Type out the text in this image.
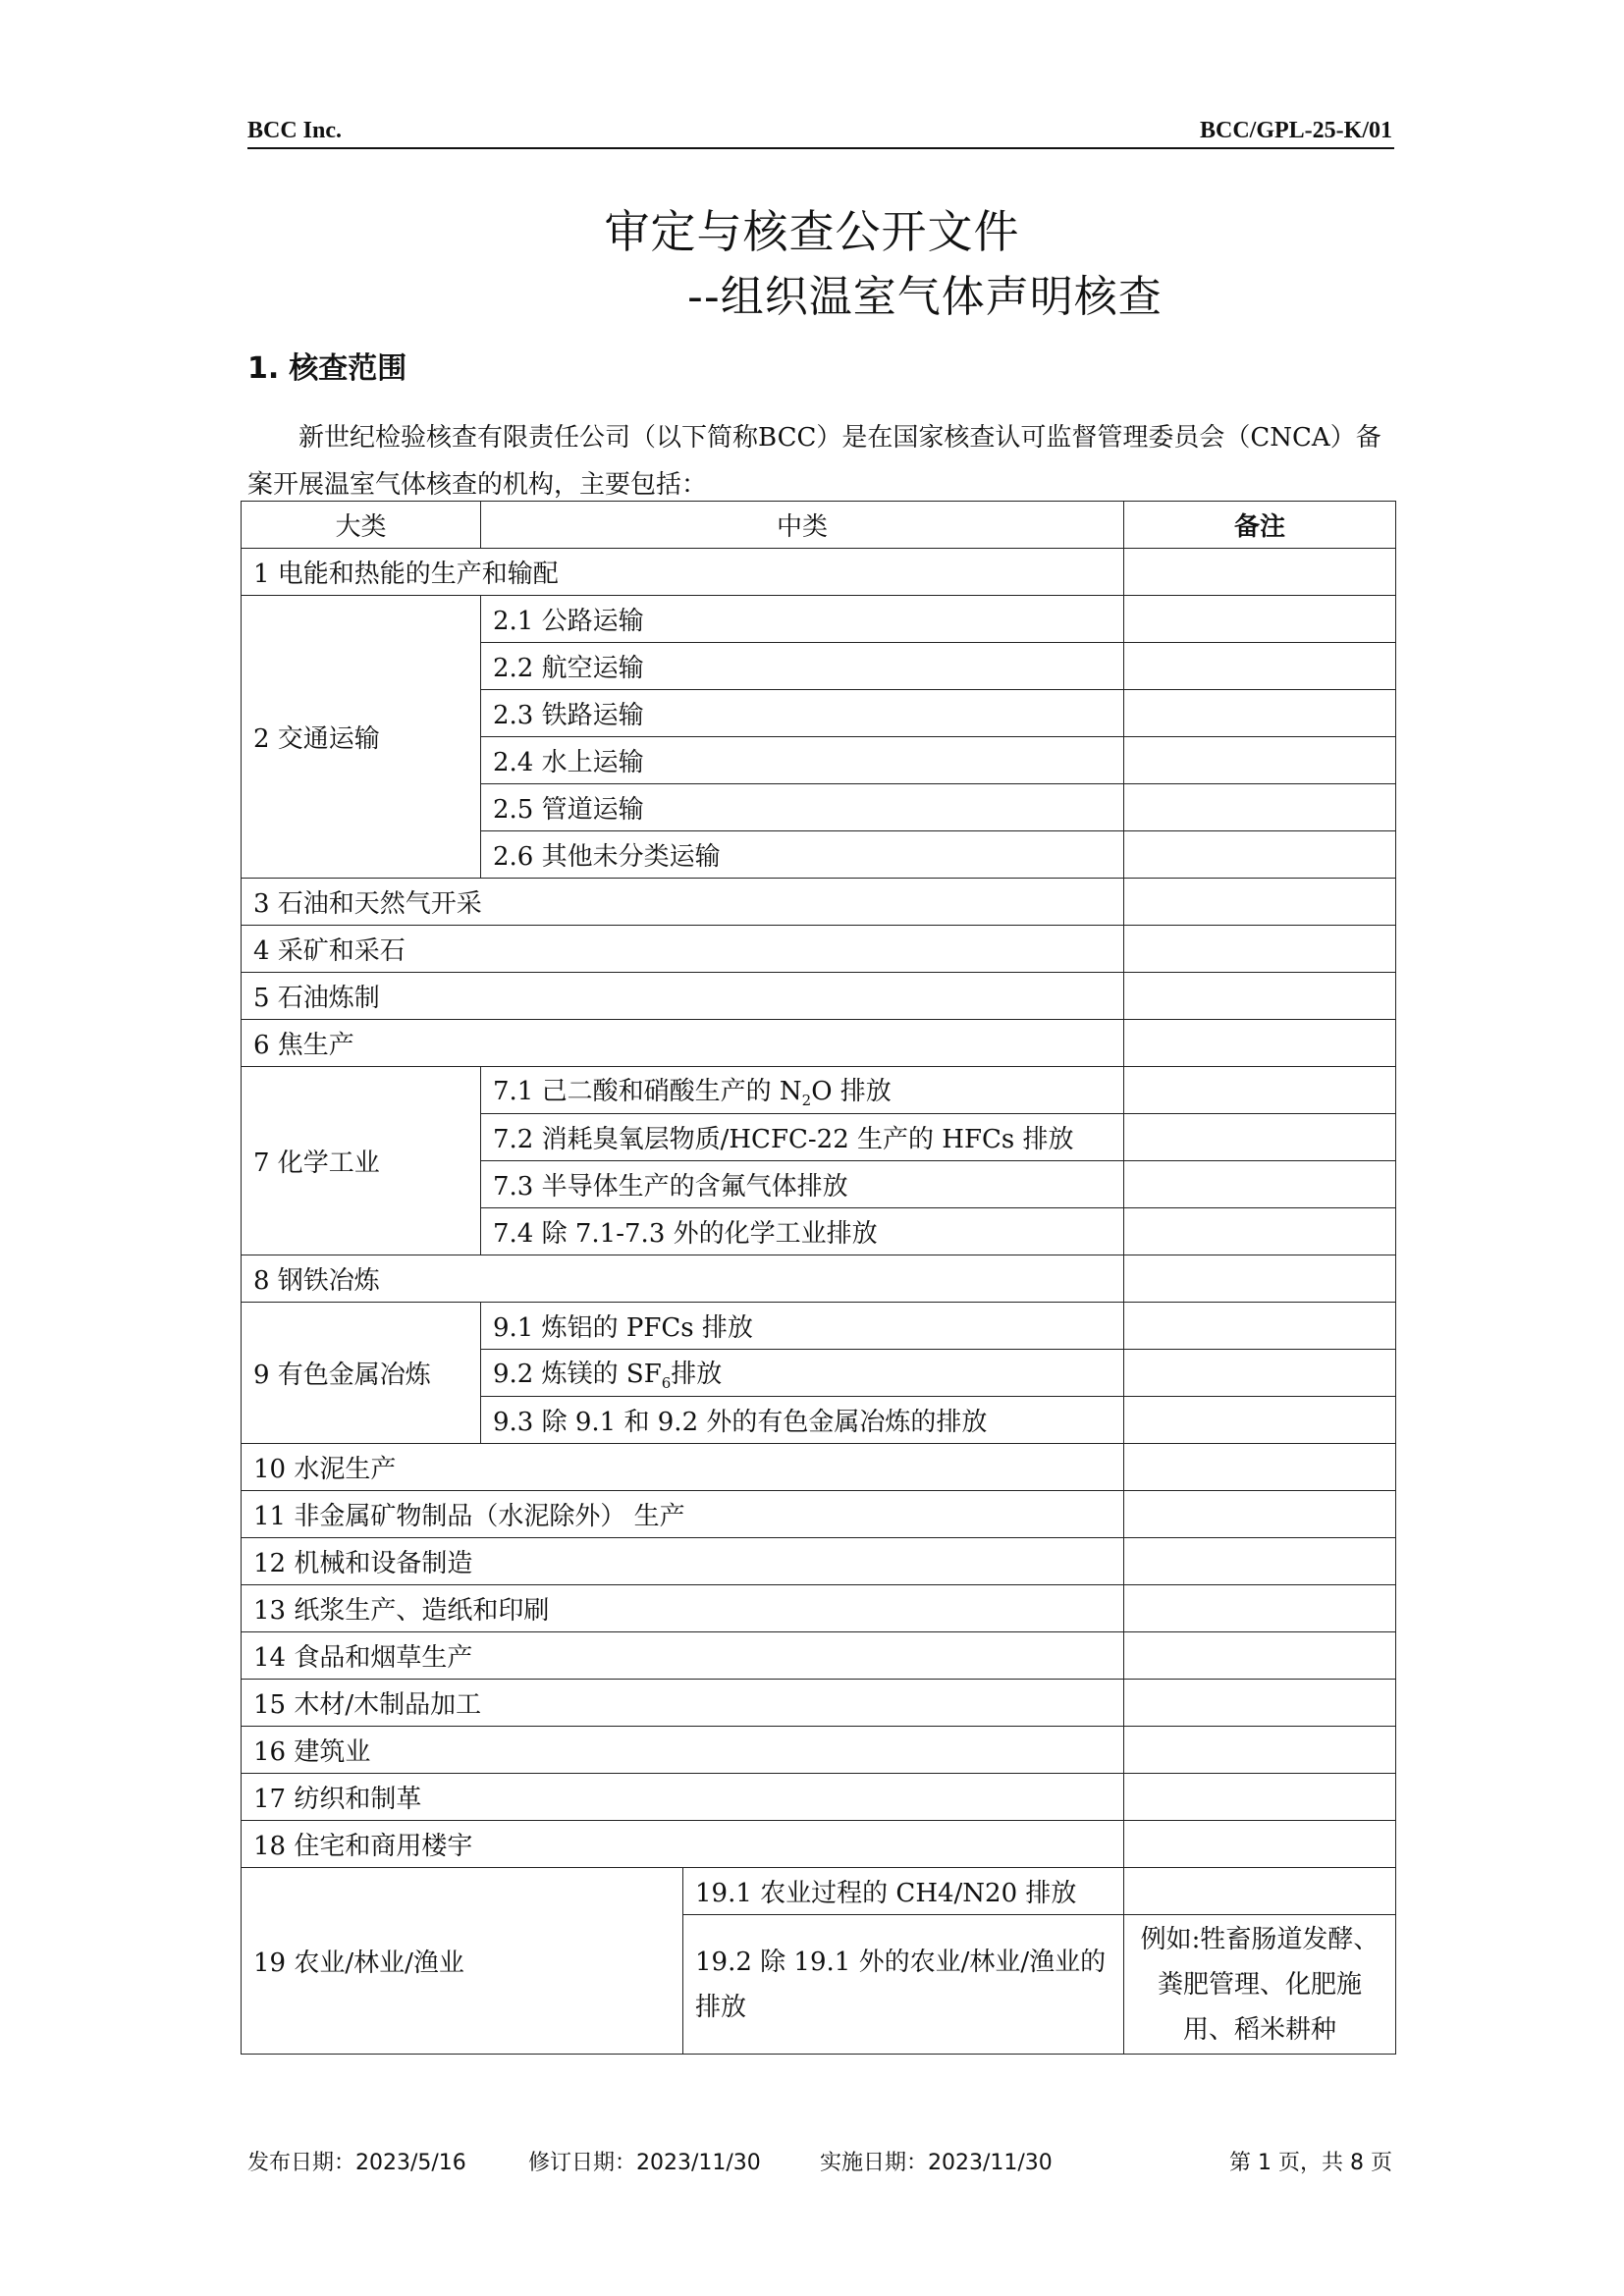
BCC Inc.	BCC/GPL-25-K/01
审定与核查公开文件
--组织温室气体声明核查
1. 核查范围
新世纪检验核查有限责任公司（以下简称BCC）是在国家核查认可监督管理委员会（CNCA）备案开展温室气体核查的机构，主要包括：
大类	中类		备注
1 电能和热能的生产和输配			
2 交通运输	2.1 公路运输		
	2.2 航空运输		
	2.3 铁路运输		
	2.4 水上运输		
	2.5 管道运输		
	2.6 其他未分类运输		
3 石油和天然气开采			
4 采矿和采石			
5 石油炼制			
6 焦生产			
7 化学工业	7.1 己二酸和硝酸生产的 $N_2O$ 排放		
	7.2 消耗臭氧层物质/HCFC-22 生产的 HFCs 排放		
	7.3 半导体生产的含氟气体排放		
	7.4 除 7.1-7.3 外的化学工业排放		
8 钢铁冶炼			
9 有色金属冶炼	9.1 炼铝的 PFCs 排放		
	9.2 炼镁的 $SF_6$排放		
	9.3 除 9.1 和 9.2 外的有色金属冶炼的排放		
10 水泥生产			
11 非金属矿物制品（水泥除外） 生产			
12 机械和设备制造			
13 纸浆生产、造纸和印刷			
14 食品和烟草生产			
15 木材/木制品加工			
16 建筑业			
17 纺织和制革			
18 住宅和商用楼宇			
19 农业/林业/渔业		19.1 农业过程的 CH4/N20 排放	
		19.2 除 19.1 外的农业/林业/渔业的排放	例如:牲畜肠道发酵、粪肥管理、化肥施用、稻米耕种
发布日期：2023/5/16	修订日期：2023/11/30	实施日期：2023/11/30	第 1 页，共 8 页
